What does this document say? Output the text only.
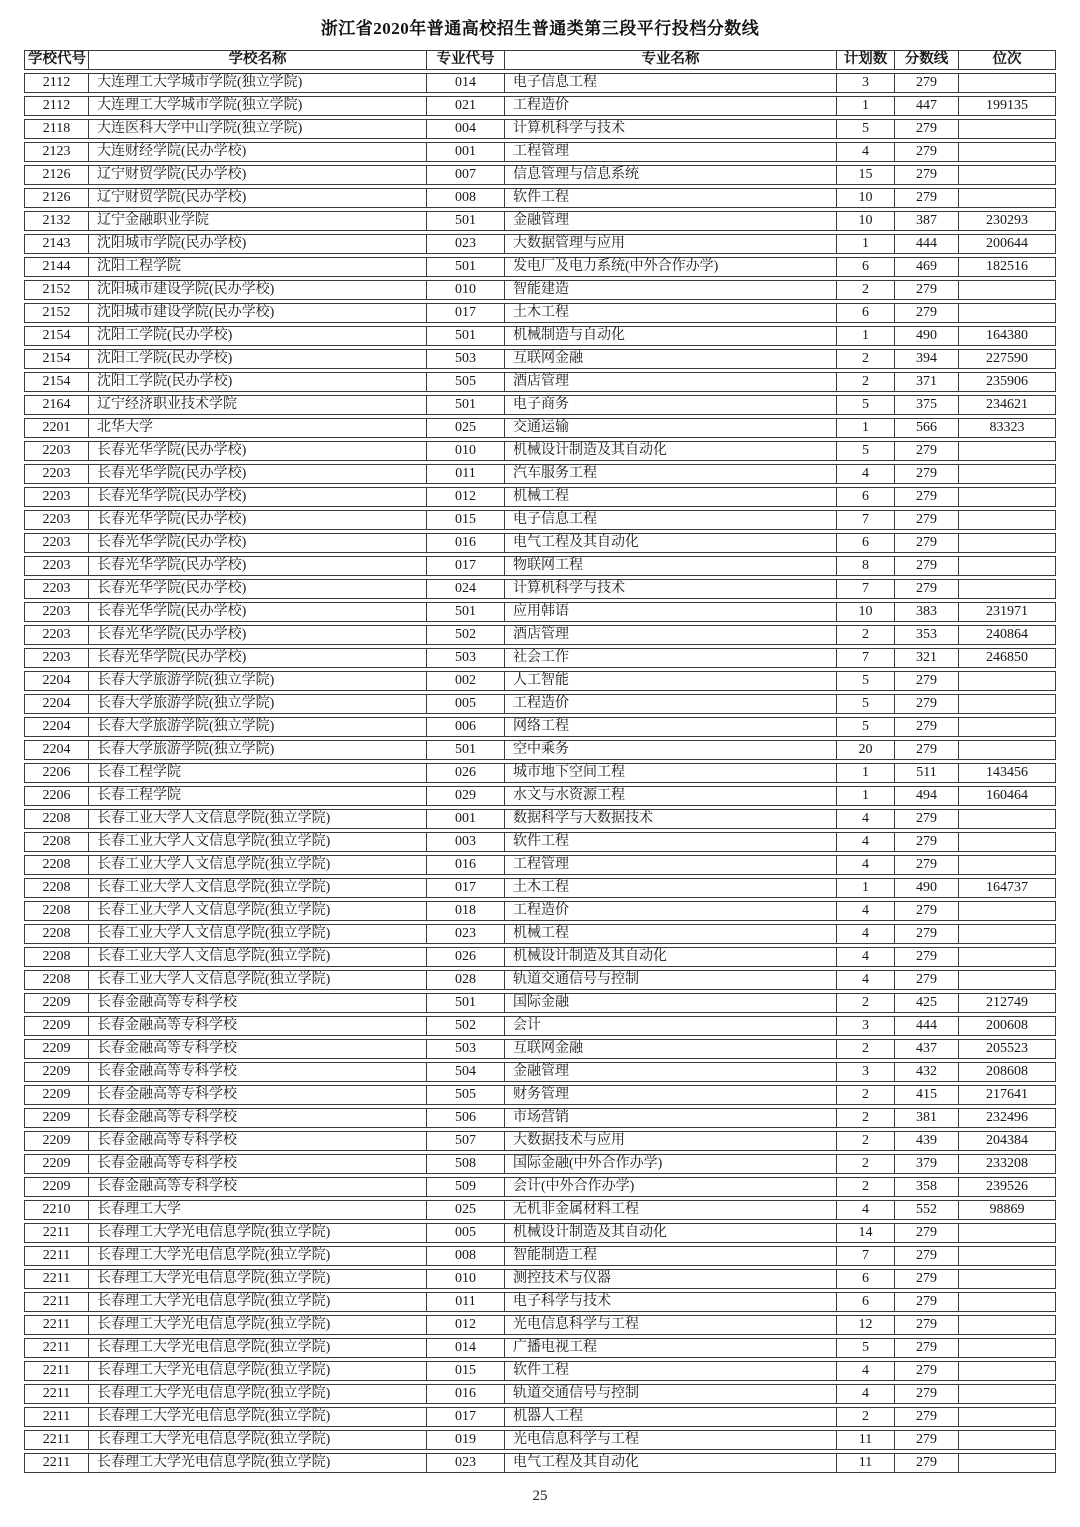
浙江省2020年普通高校招生普通类第三段平行投档分数线
学校代号	学校名称	专业代号	专业名称	计划数	分数线	位次
2112	大连理工大学城市学院(独立学院)	014	电子信息工程	3	279	
2112	大连理工大学城市学院(独立学院)	021	工程造价	1	447	199135
2118	大连医科大学中山学院(独立学院)	004	计算机科学与技术	5	279	
2123	大连财经学院(民办学校)	001	工程管理	4	279	
2126	辽宁财贸学院(民办学校)	007	信息管理与信息系统	15	279	
2126	辽宁财贸学院(民办学校)	008	软件工程	10	279	
2132	辽宁金融职业学院	501	金融管理	10	387	230293
2143	沈阳城市学院(民办学校)	023	大数据管理与应用	1	444	200644
2144	沈阳工程学院	501	发电厂及电力系统(中外合作办学)	6	469	182516
2152	沈阳城市建设学院(民办学校)	010	智能建造	2	279	
2152	沈阳城市建设学院(民办学校)	017	土木工程	6	279	
2154	沈阳工学院(民办学校)	501	机械制造与自动化	1	490	164380
2154	沈阳工学院(民办学校)	503	互联网金融	2	394	227590
2154	沈阳工学院(民办学校)	505	酒店管理	2	371	235906
2164	辽宁经济职业技术学院	501	电子商务	5	375	234621
2201	北华大学	025	交通运输	1	566	83323
2203	长春光华学院(民办学校)	010	机械设计制造及其自动化	5	279	
2203	长春光华学院(民办学校)	011	汽车服务工程	4	279	
2203	长春光华学院(民办学校)	012	机械工程	6	279	
2203	长春光华学院(民办学校)	015	电子信息工程	7	279	
2203	长春光华学院(民办学校)	016	电气工程及其自动化	6	279	
2203	长春光华学院(民办学校)	017	物联网工程	8	279	
2203	长春光华学院(民办学校)	024	计算机科学与技术	7	279	
2203	长春光华学院(民办学校)	501	应用韩语	10	383	231971
2203	长春光华学院(民办学校)	502	酒店管理	2	353	240864
2203	长春光华学院(民办学校)	503	社会工作	7	321	246850
2204	长春大学旅游学院(独立学院)	002	人工智能	5	279	
2204	长春大学旅游学院(独立学院)	005	工程造价	5	279	
2204	长春大学旅游学院(独立学院)	006	网络工程	5	279	
2204	长春大学旅游学院(独立学院)	501	空中乘务	20	279	
2206	长春工程学院	026	城市地下空间工程	1	511	143456
2206	长春工程学院	029	水文与水资源工程	1	494	160464
2208	长春工业大学人文信息学院(独立学院)	001	数据科学与大数据技术	4	279	
2208	长春工业大学人文信息学院(独立学院)	003	软件工程	4	279	
2208	长春工业大学人文信息学院(独立学院)	016	工程管理	4	279	
2208	长春工业大学人文信息学院(独立学院)	017	土木工程	1	490	164737
2208	长春工业大学人文信息学院(独立学院)	018	工程造价	4	279	
2208	长春工业大学人文信息学院(独立学院)	023	机械工程	4	279	
2208	长春工业大学人文信息学院(独立学院)	026	机械设计制造及其自动化	4	279	
2208	长春工业大学人文信息学院(独立学院)	028	轨道交通信号与控制	4	279	
2209	长春金融高等专科学校	501	国际金融	2	425	212749
2209	长春金融高等专科学校	502	会计	3	444	200608
2209	长春金融高等专科学校	503	互联网金融	2	437	205523
2209	长春金融高等专科学校	504	金融管理	3	432	208608
2209	长春金融高等专科学校	505	财务管理	2	415	217641
2209	长春金融高等专科学校	506	市场营销	2	381	232496
2209	长春金融高等专科学校	507	大数据技术与应用	2	439	204384
2209	长春金融高等专科学校	508	国际金融(中外合作办学)	2	379	233208
2209	长春金融高等专科学校	509	会计(中外合作办学)	2	358	239526
2210	长春理工大学	025	无机非金属材料工程	4	552	98869
2211	长春理工大学光电信息学院(独立学院)	005	机械设计制造及其自动化	14	279	
2211	长春理工大学光电信息学院(独立学院)	008	智能制造工程	7	279	
2211	长春理工大学光电信息学院(独立学院)	010	测控技术与仪器	6	279	
2211	长春理工大学光电信息学院(独立学院)	011	电子科学与技术	6	279	
2211	长春理工大学光电信息学院(独立学院)	012	光电信息科学与工程	12	279	
2211	长春理工大学光电信息学院(独立学院)	014	广播电视工程	5	279	
2211	长春理工大学光电信息学院(独立学院)	015	软件工程	4	279	
2211	长春理工大学光电信息学院(独立学院)	016	轨道交通信号与控制	4	279	
2211	长春理工大学光电信息学院(独立学院)	017	机器人工程	2	279	
2211	长春理工大学光电信息学院(独立学院)	019	光电信息科学与工程	11	279	
2211	长春理工大学光电信息学院(独立学院)	023	电气工程及其自动化	11	279	
25
